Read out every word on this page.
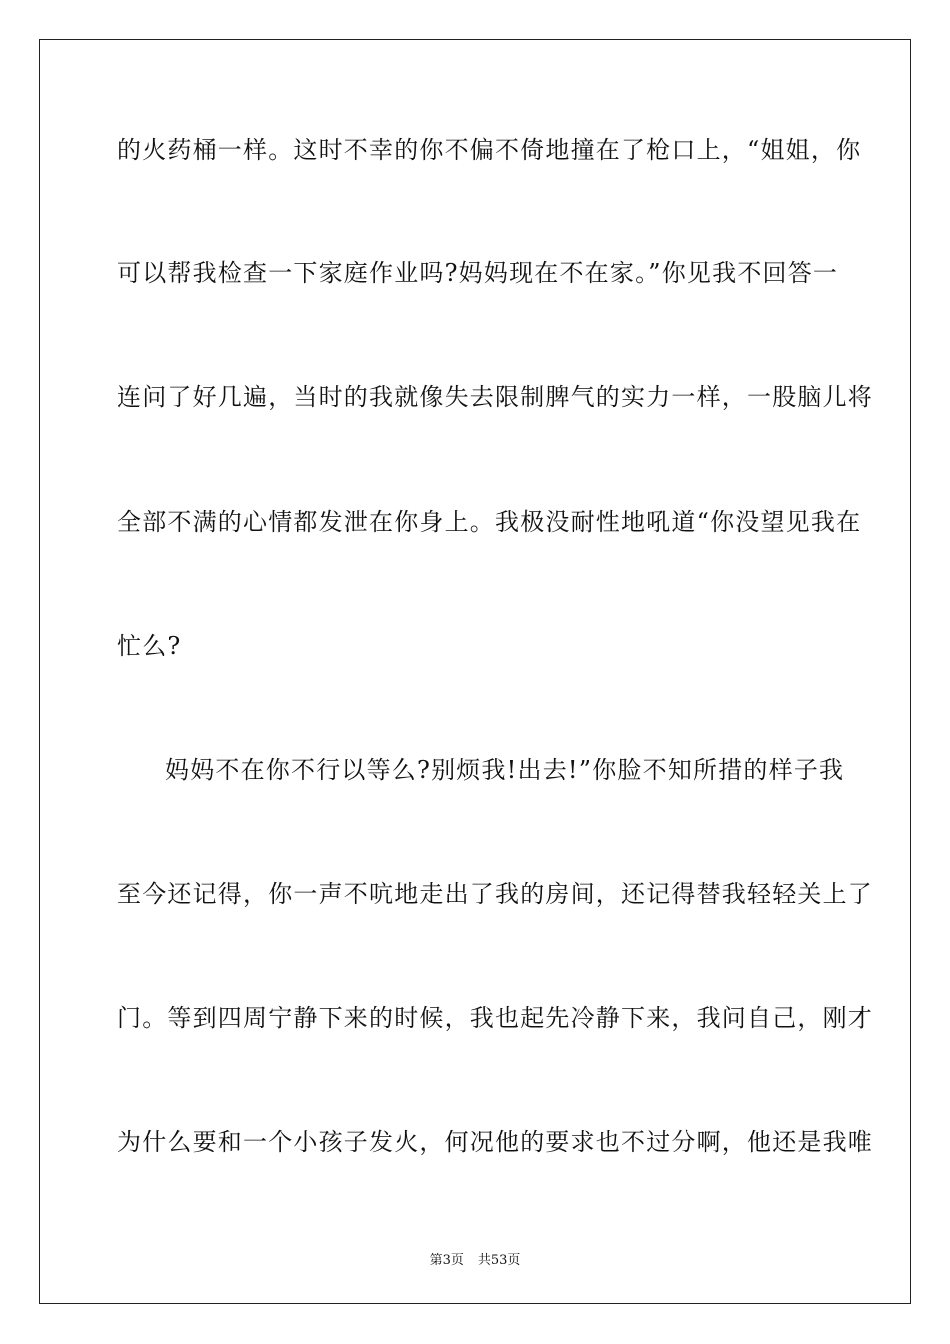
的火药桶一样。这时不幸的你不偏不倚地撞在了枪口上，“姐姐，你
可以帮我检查一下家庭作业吗?妈妈现在不在家。”你见我不回答一
连问了好几遍，当时的我就像失去限制脾气的实力一样，一股脑儿将
全部不满的心情都发泄在你身上。我极没耐性地吼道“你没望见我在
忙么?
妈妈不在你不行以等么?别烦我!出去!”你脸不知所措的样子我
至今还记得，你一声不吭地走出了我的房间，还记得替我轻轻关上了
门。等到四周宁静下来的时候，我也起先冷静下来，我问自己，刚才
为什么要和一个小孩子发火，何况他的要求也不过分啊，他还是我唯
第3页 共53页
